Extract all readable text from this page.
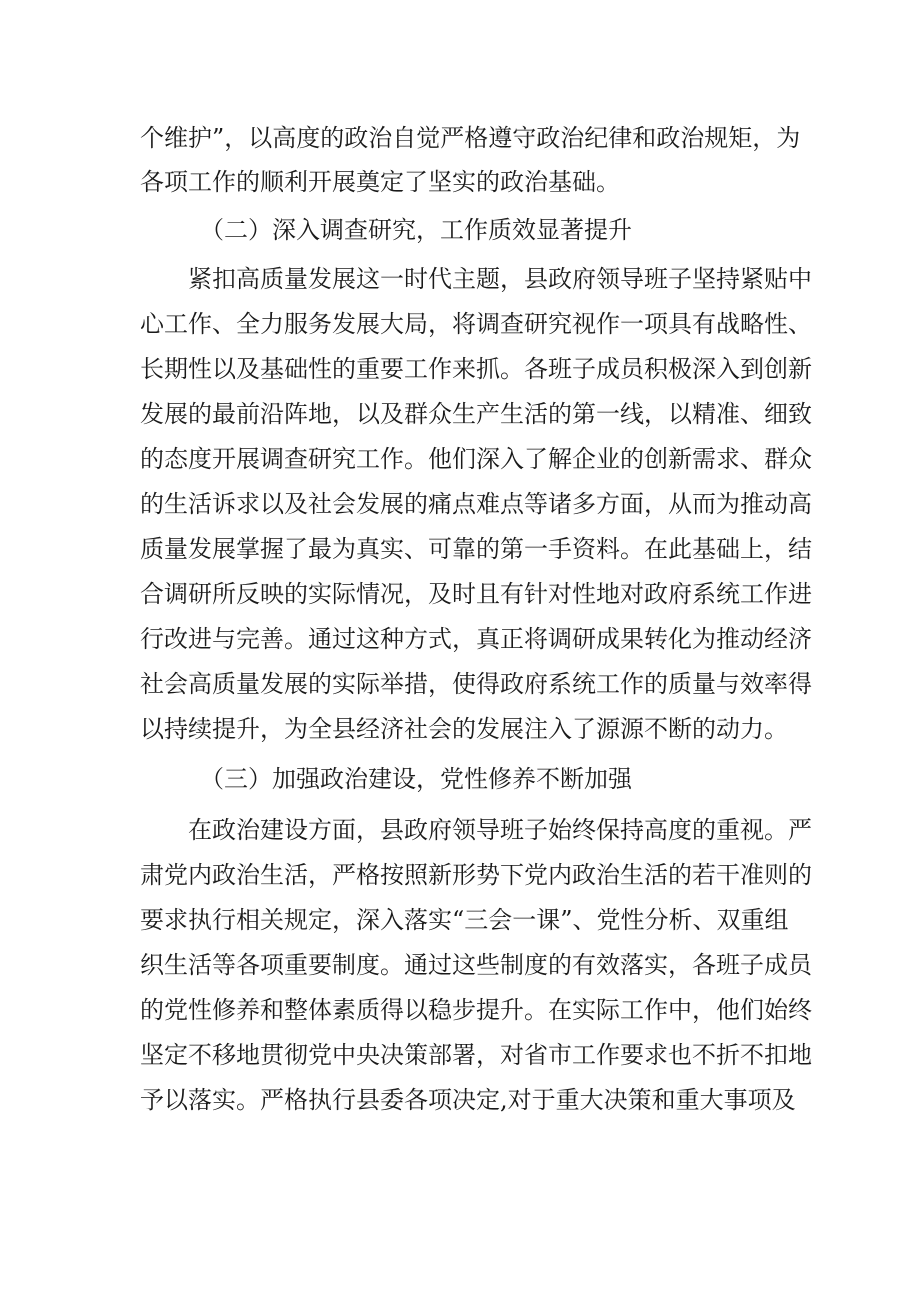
个维护”，以高度的政治自觉严格遵守政治纪律和政治规矩，为
各项工作的顺利开展奠定了坚实的政治基础。
（二）深入调查研究，工作质效显著提升
紧扣高质量发展这一时代主题，县政府领导班子坚持紧贴中
心工作、全力服务发展大局，将调查研究视作一项具有战略性、
长期性以及基础性的重要工作来抓。各班子成员积极深入到创新
发展的最前沿阵地，以及群众生产生活的第一线，以精准、细致
的态度开展调查研究工作。他们深入了解企业的创新需求、群众
的生活诉求以及社会发展的痛点难点等诸多方面，从而为推动高
质量发展掌握了最为真实、可靠的第一手资料。在此基础上，结
合调研所反映的实际情况，及时且有针对性地对政府系统工作进
行改进与完善。通过这种方式，真正将调研成果转化为推动经济
社会高质量发展的实际举措，使得政府系统工作的质量与效率得
以持续提升，为全县经济社会的发展注入了源源不断的动力。
（三）加强政治建设，党性修养不断加强
在政治建设方面，县政府领导班子始终保持高度的重视。严
肃党内政治生活，严格按照新形势下党内政治生活的若干准则的
要求执行相关规定，深入落实“三会一课”、党性分析、双重组
织生活等各项重要制度。通过这些制度的有效落实，各班子成员
的党性修养和整体素质得以稳步提升。在实际工作中，他们始终
坚定不移地贯彻党中央决策部署，对省市工作要求也不折不扣地
予以落实。严格执行县委各项决定,对于重大决策和重大事项及
